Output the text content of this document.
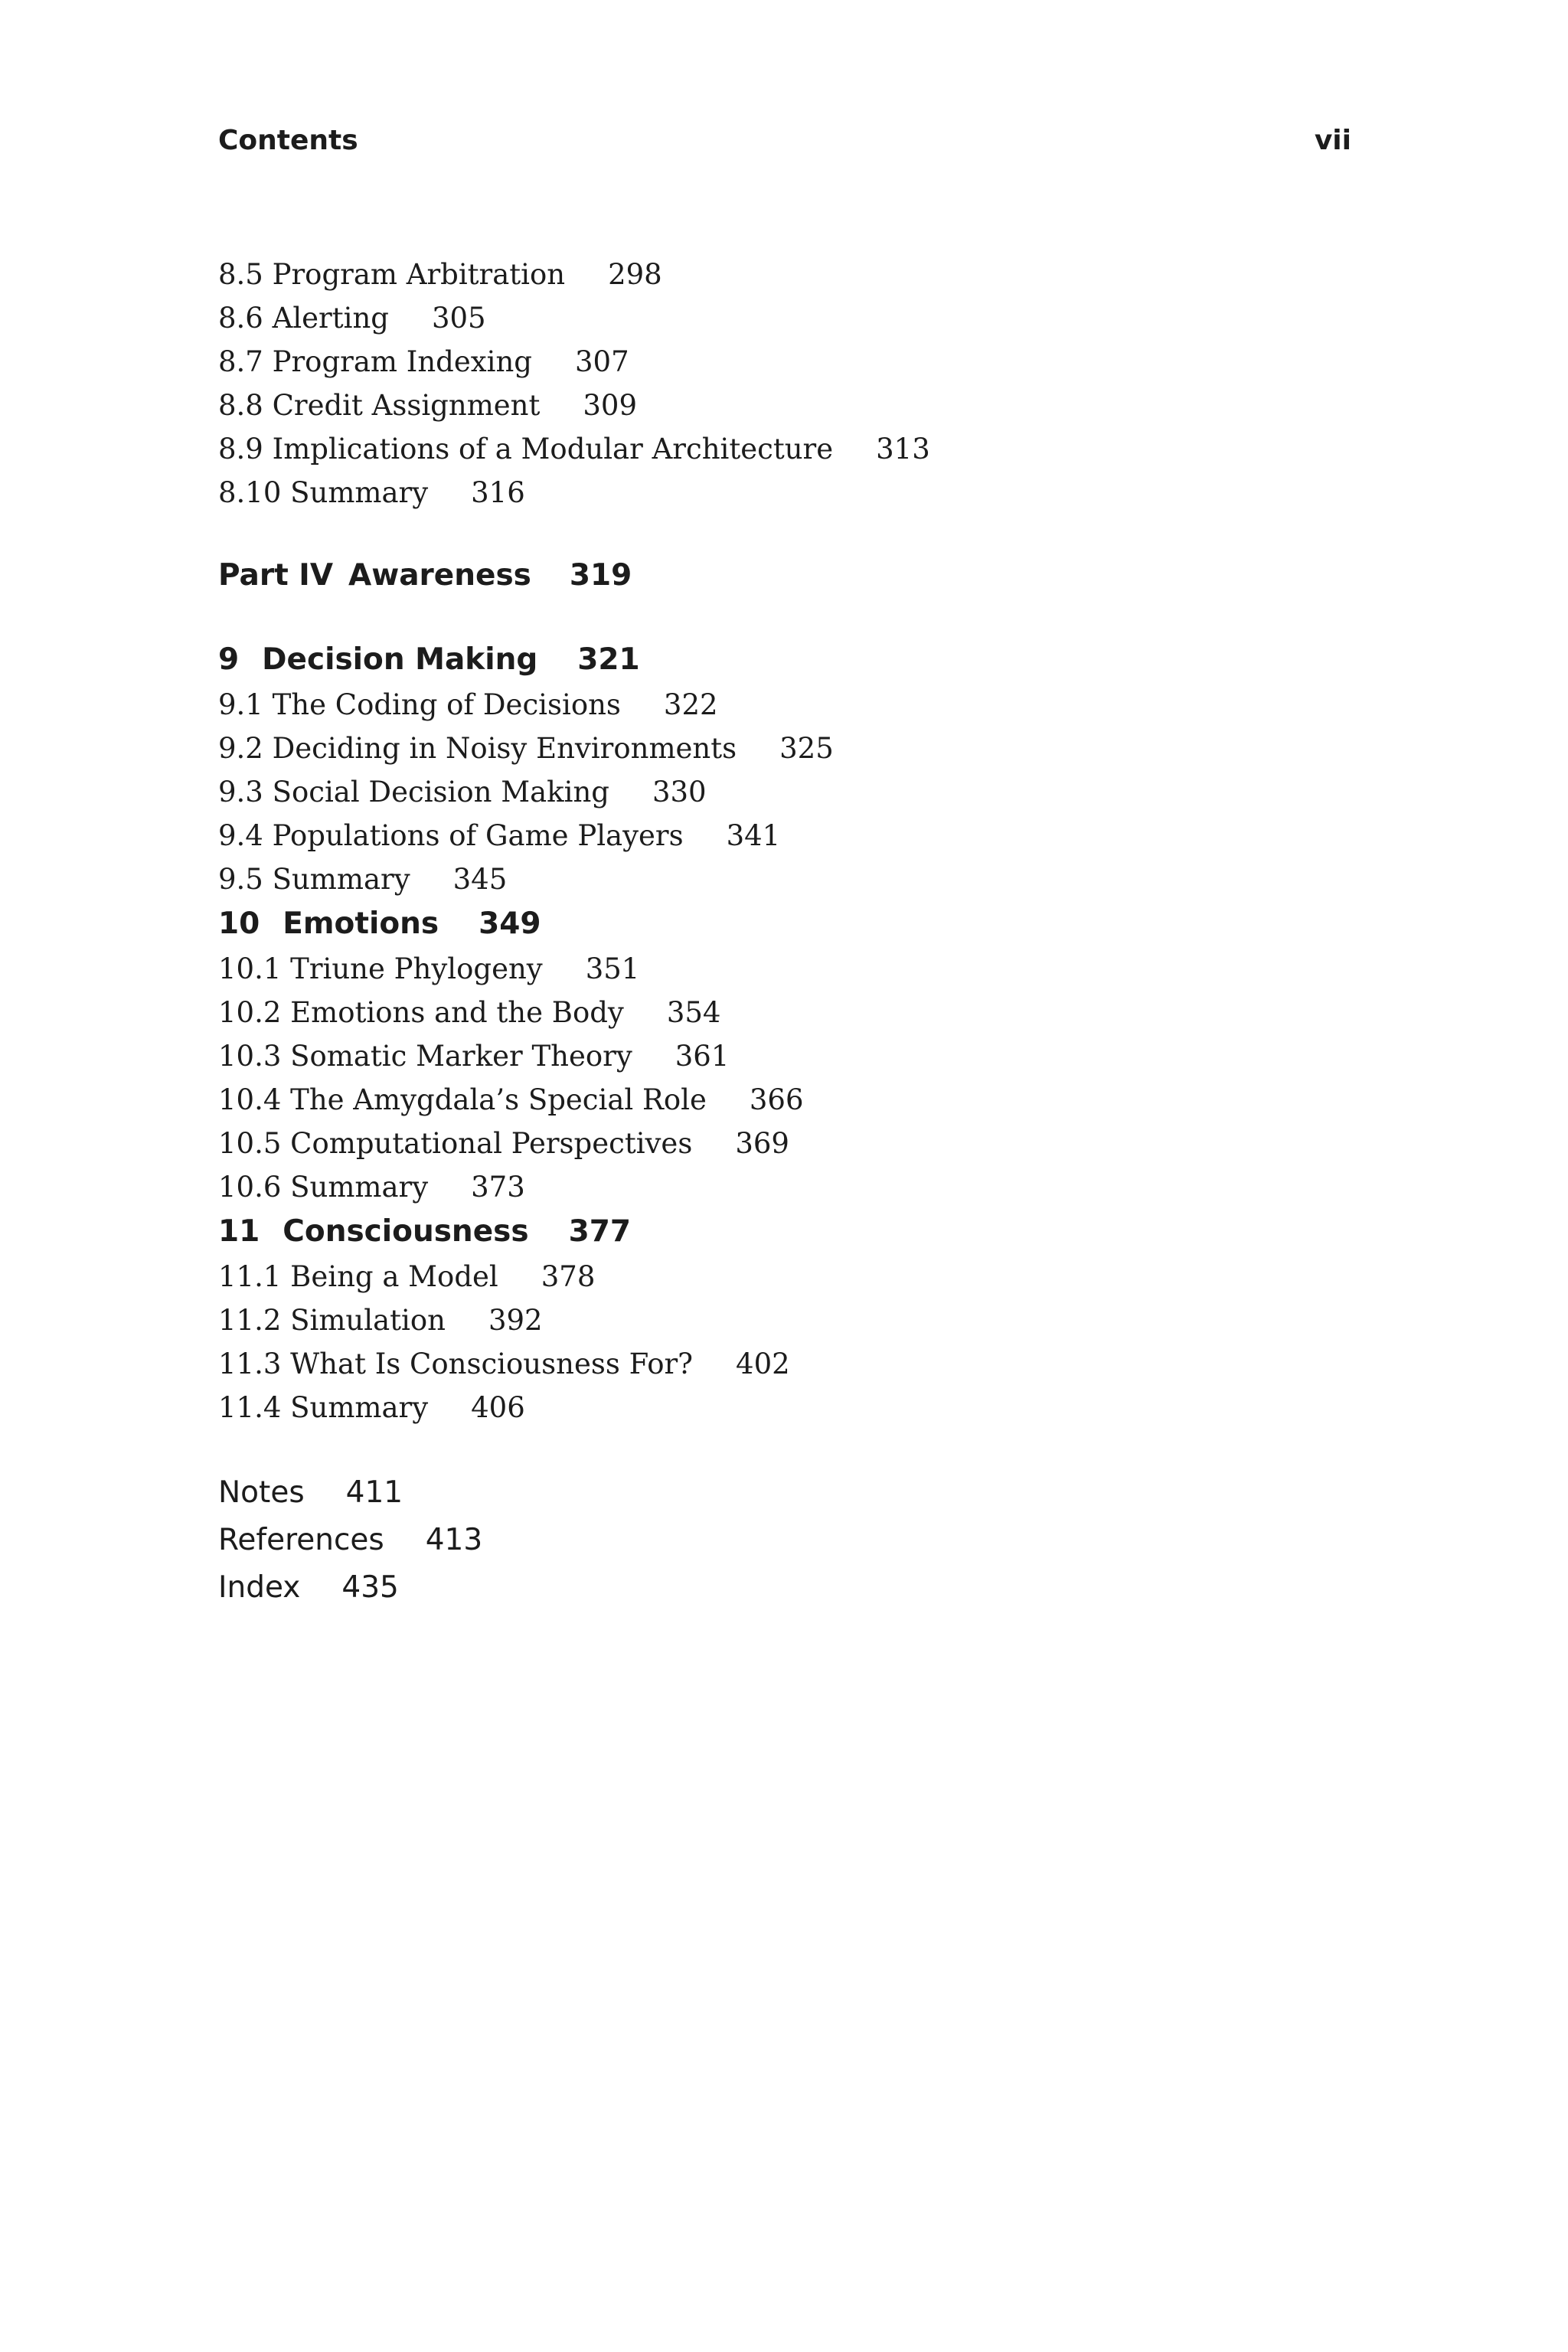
Contents	vii
8.5 Program Arbitration 298
8.6 Alerting 305
8.7 Program Indexing 307
8.8 Credit Assignment 309
8.9 Implications of a Modular Architecture 313
8.10 Summary 316
Part IV Awareness 319
9 Decision Making 321
9.1 The Coding of Decisions 322
9.2 Deciding in Noisy Environments 325
9.3 Social Decision Making 330
9.4 Populations of Game Players 341
9.5 Summary 345
10 Emotions 349
10.1 Triune Phylogeny 351
10.2 Emotions and the Body 354
10.3 Somatic Marker Theory 361
10.4 The Amygdala’s Special Role 366
10.5 Computational Perspectives 369
10.6 Summary 373
11 Consciousness 377
11.1 Being a Model 378
11.2 Simulation 392
11.3 What Is Consciousness For? 402
11.4 Summary 406
Notes 411
References 413
Index 435
